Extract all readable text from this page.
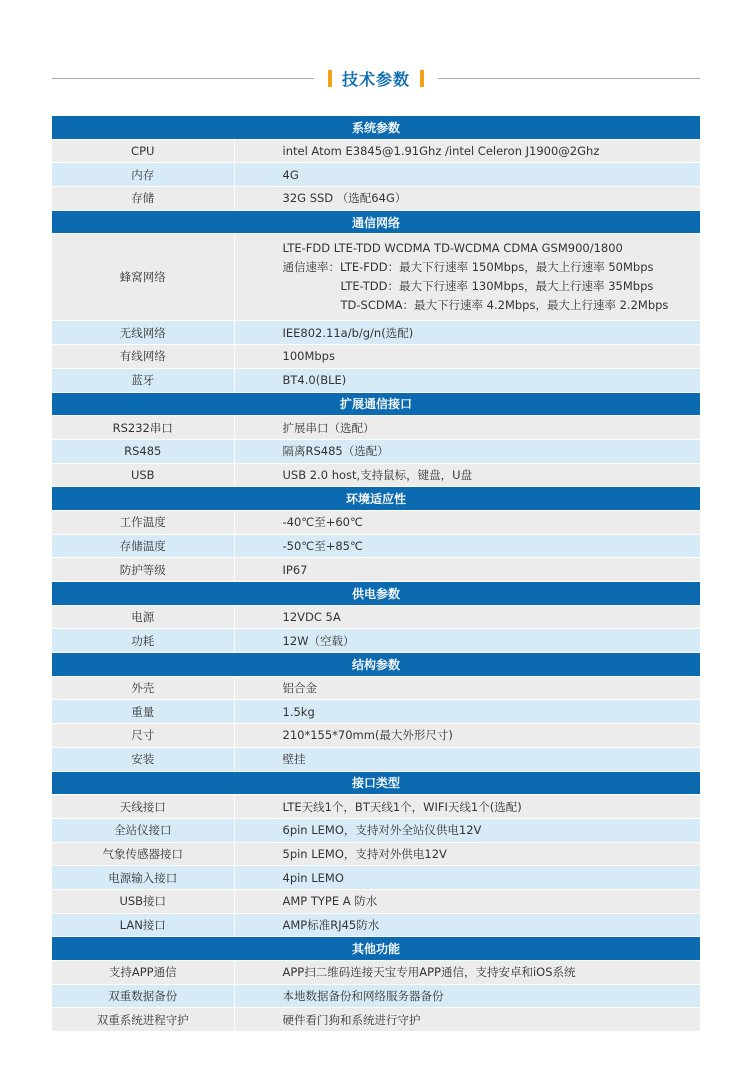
技术参数
系统参数	
CPU	intel Atom E3845@1.91Ghz /intel Celeron J1900@2Ghz
内存	4G
存储	32G SSD （选配64G）
通信网络	
蜂窝网络	LTE-FDD LTE-TDD WCDMA TD-WCDMA CDMA GSM900/1800
通信速率：LTE-FDD：最大下行速率 150Mbps，最大上行速率 50Mbps
LTE-TDD：最大下行速率 130Mbps，最大上行速率 35Mbps
TD-SCDMA：最大下行速率 4.2Mbps，最大上行速率 2.2Mbps

无线网络	IEE802.11a/b/g/n(选配)
有线网络	100Mbps
蓝牙	BT4.0(BLE)
扩展通信接口	
RS232串口	扩展串口（选配）
RS485	隔离RS485（选配）
USB	USB 2.0 host,支持鼠标，键盘，U盘
环境适应性	
工作温度	-40℃至+60℃
存储温度	-50℃至+85℃
防护等级	IP67
供电参数	
电源	12VDC 5A
功耗	12W（空载）
结构参数	
外壳	铝合金
重量	1.5kg
尺寸	210*155*70mm(最大外形尺寸)
安装	壁挂
接口类型	
天线接口	LTE天线1个，BT天线1个，WIFI天线1个(选配)
全站仪接口	6pin LEMO，支持对外全站仪供电12V
气象传感器接口	5pin LEMO，支持对外供电12V
电源输入接口	4pin LEMO
USB接口	AMP TYPE A 防水
LAN接口	AMP标准RJ45防水
其他功能	
支持APP通信	APP扫二维码连接天宝专用APP通信，支持安卓和iOS系统
双重数据备份	本地数据备份和网络服务器备份
双重系统进程守护	硬件看门狗和系统进行守护
